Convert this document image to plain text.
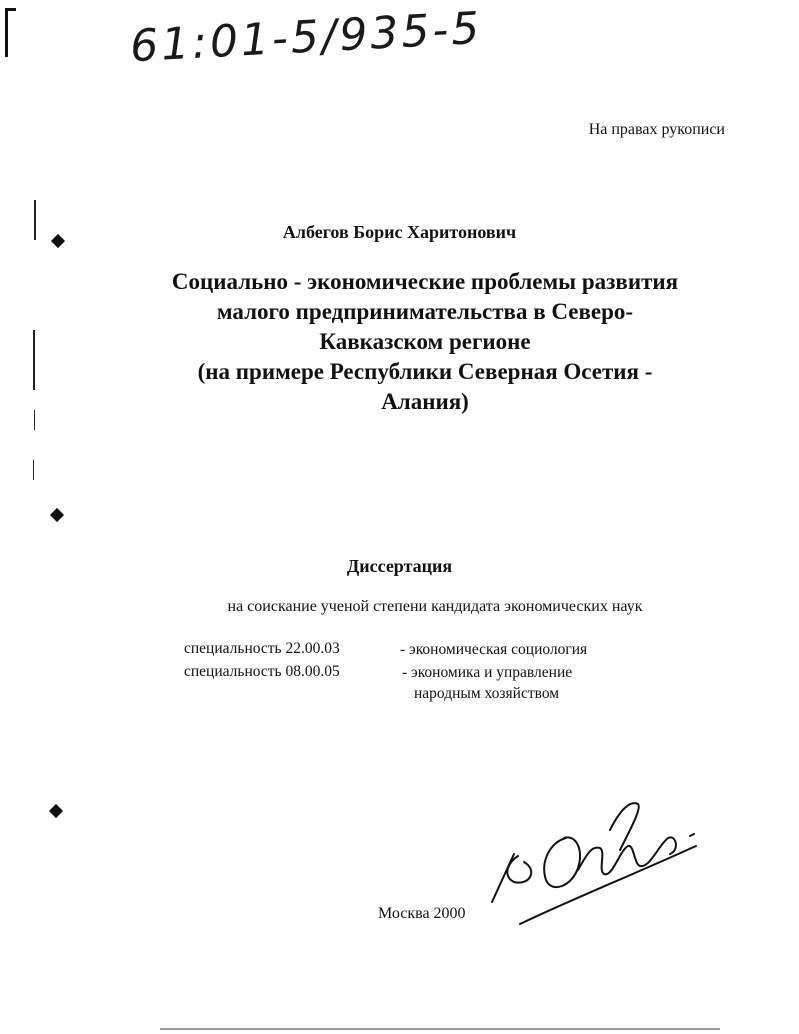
61:01-5/935-5
На правах рукописи
Албегов Борис Харитонович
Социально - экономические проблемы развития
малого предпринимательства в Северо-
Кавказском регионе
(на примере Республики Северная Осетия -
Алания)
Диссертация
на соискание ученой степени кандидата экономических наук
специальность 22.00.03	- экономическая социология
специальность 08.00.05	- экономика и управление
народным хозяйством
Москва 2000
